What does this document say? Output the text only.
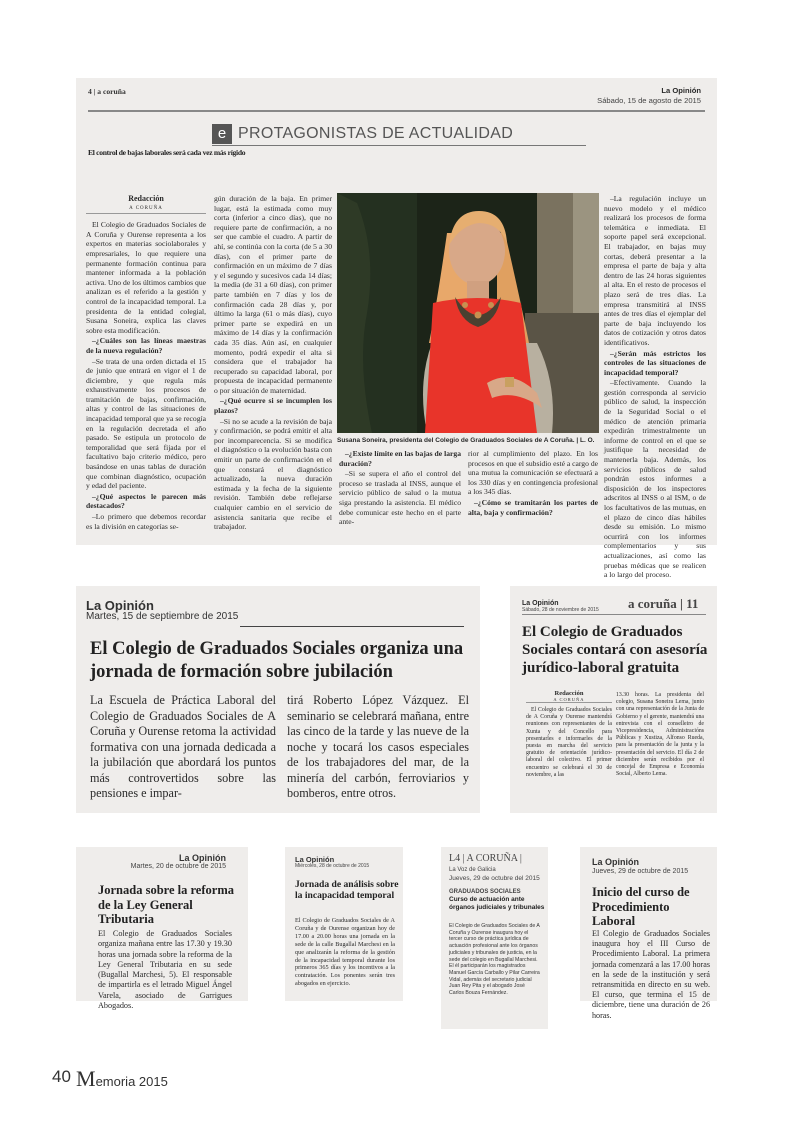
4 | a coruña	La Opinión
Sábado, 15 de agosto de 2015
e PROTAGONISTAS DE ACTUALIDAD
El control de bajas laborales será cada vez más rígido
Redacción
A CORUÑA

El Colegio de Graduados Sociales de A Coruña y Ourense representa a los expertos en materias sociolaborales y empresariales, lo que requiere una permanente formación continua para mantener informada a la población activa. Uno de los últimos cambios que analizan es el referido a la gestión y control de la incapacidad temporal. La presidenta de la entidad colegial, Susana Soneira, explica las claves sobre esta modificación.

–¿Cuáles son las líneas maestras de la nueva regulación?

–Se trata de una orden dictada el 15 de junio que entrará en vigor el 1 de diciembre, y que regula más exhaustivamente los procesos de tramitación de bajas, confirmación, altas y control de las situaciones de incapacidad temporal que ya se recogía en la regulación decretada el año pasado. Se estipula un protocolo de temporalidad que será fijada por el facultativo bajo criterio médico, pero basándose en unas tablas de duración que combinan diagnóstico, ocupación y edad del paciente.

–¿Qué aspectos le parecen más destacados?

–Lo primero que debemos recordar es la división en categorías se-

gún duración de la baja. En primer lugar, está la estimada como muy corta (inferior a cinco días), que no requiere parte de confirmación, a no ser que cambie el cuadro. A partir de ahí, se continúa con la corta (de 5 a 30 días), con el primer parte de confirmación en un máximo de 7 días y el segundo y sucesivos cada 14 días; la media (de 31 a 60 días), con primer parte también en 7 días y los de confirmación cada 28 días y, por último la larga (61 o más días), cuyo primer parte se expedirá en un máximo de 14 días y la confirmación cada 35 días. Aún así, en cualquier momento, podrá expedir el alta si considera que el trabajador ha recuperado su capacidad laboral, por propuesta de incapacidad permanente o por situación de maternidad.

–¿Qué ocurre si se incumplen los plazos?

–Si no se acude a la revisión de baja y confirmación, se podrá emitir el alta por incomparecencia. Si se modifica el diagnóstico o la evolución basta con emitir un parte de confirmación en el que constará el diagnóstico actualizado, la nueva duración estimada y la fecha de la siguiente revisión. También debe reflejarse cualquier cambio en el servicio de asistencia sanitaria que recibe el trabajador.

Susana Soneira, presidenta del Colegio de Graduados Sociales de A Coruña. | L. O.

–¿Existe límite en las bajas de larga duración?

–Si se supera el año el control del proceso se traslada al INSS, aunque el servicio público de salud o la mutua siga prestando la asistencia. El médico debe comunicar este hecho en el parte ante-

rior al cumplimiento del plazo. En los procesos en que el subsidio esté a cargo de una mutua la comunicación se efectuará a los 330 días y en contingencia profesional a los 345 días.

–¿Cómo se tramitarán los partes de alta, baja y confirmación?

–La regulación incluye un nuevo modelo y el médico realizará los procesos de forma telemática e inmediata. El soporte papel será excepcional. El trabajador, en bajas muy cortas, deberá presentar a la empresa el parte de baja y alta dentro de las 24 horas siguientes al alta. En el resto de procesos el plazo será de tres días. La empresa transmitirá al INSS antes de tres días el ejemplar del parte de baja incluyendo los datos de cotización y otros datos identificativos.

–¿Serán más estrictos los controles de las situaciones de incapacidad temporal?

–Efectivamente. Cuando la gestión corresponda al servicio público de salud, la inspección de la Seguridad Social o el médico de atención primaria expedirán trimestralmente un informe de control en el que se justifique la necesidad de mantenerla baja. Además, los servicios públicos de salud pondrán estos informes a disposición de los inspectores adscritos al INSS o al ISM, o de los facultativos de las mutuas, en el plazo de cinco días hábiles desde su emisión. Lo mismo ocurrirá con los informes complementarios y sus actualizaciones, así como las pruebas médicas que se realicen a lo largo del proceso.

La Opinión
Martes, 15 de septiembre de 2015
El Colegio de Graduados Sociales organiza una jornada de formación sobre jubilación
La Escuela de Práctica Laboral del Colegio de Graduados Sociales de A Coruña y Ourense retoma la actividad formativa con una jornada dedicada a la jubilación que abordará los puntos más controvertidos sobre las pensiones e impar-
tirá Roberto López Vázquez. El seminario se celebrará mañana, entre las cinco de la tarde y las nueve de la noche y tocará los casos especiales de los trabajadores del mar, de la minería del carbón, ferroviarios y bomberos, entre otros.
La Opinión
Sábado, 28 de noviembre de 2015 a coruña | 11
El Colegio de Graduados Sociales contará con asesoría jurídico-laboral gratuita
Redacción
A CORUÑA
El Colegio de Graduados Sociales de A Coruña y Ourense mantendrá reuniones con representantes de la Xunta y del Concello para presentarles e informarles de la puesta en marcha del servicio gratuito de orientación jurídico-laboral del colectivo. El primer encuentro se celebrará el 30 de noviembre, a las
13.30 horas. La presidenta del colegio, Susana Soneira Lema, junto con una representación de la Junta de Gobierno y el gerente, mantendrá una entrevista con el conselleiro de Vicepresidencia, Administracións Públicas y Xustiza, Alfonso Rueda, para la presentación de la junta y la presentación del servicio. El día 2 de diciembre serán recibidos por el concejal de Empresa e Economía Social, Alberto Lema.
La Opinión
Martes, 20 de octubre de 2015
Jornada sobre la reforma de la Ley General Tributaria
El Colegio de Graduados Sociales organiza mañana entre las 17.30 y 19.30 horas una jornada sobre la reforma de la Ley General Tributaria en su sede (Bugallal Marchesi, 5). El responsable de impartirla es el letrado Miguel Ángel Varela, asociado de Garrigues Abogados.
La Opinión
Miércoles, 28 de octubre de 2015
Jornada de análisis sobre la incapacidad temporal
El Colegio de Graduados Sociales de A Coruña y de Ourense organizan hoy de 17.00 a 20.00 horas una jornada en la sede de la calle Bugallal Marchesi en la que analizarán la reforma de la gestión de la incapacidad temporal durante los primeros 365 días y los incentivos a la contratación. Los ponentes serán tres abogados en ejercicio.
L4 | A CORUÑA |
La Voz de Galicia
Jueves, 29 de octubre del 2015
GRADUADOS SOCIALES
Curso de actuación ante órganos judiciales y tribunales
El Colegio de Graduados Sociales de A Coruña y Ourense inaugura hoy el tercer curso de práctica jurídica de actuación profesional ante los órganos judiciales y tribunales de justicia, en la sede del colegio en Bugallal Marchesi. El él participarán los magistrados Manuel García Carballo y Pilar Carreira Vidal, además del secretario judicial Juan Rey Pita y el abogado José Carlos Bouza Fernández.
La Opinión
Jueves, 29 de octubre de 2015
Inicio del curso de Procedimiento Laboral
El Colegio de Graduados Sociales inaugura hoy el III Curso de Procedimiento Laboral. La primera jornada comenzará a las 17.00 horas en la sede de la institución y será retransmitida en directo en su web. El curso, que termina el 15 de diciembre, tiene una duración de 26 horas.
40 Memoria 2015
